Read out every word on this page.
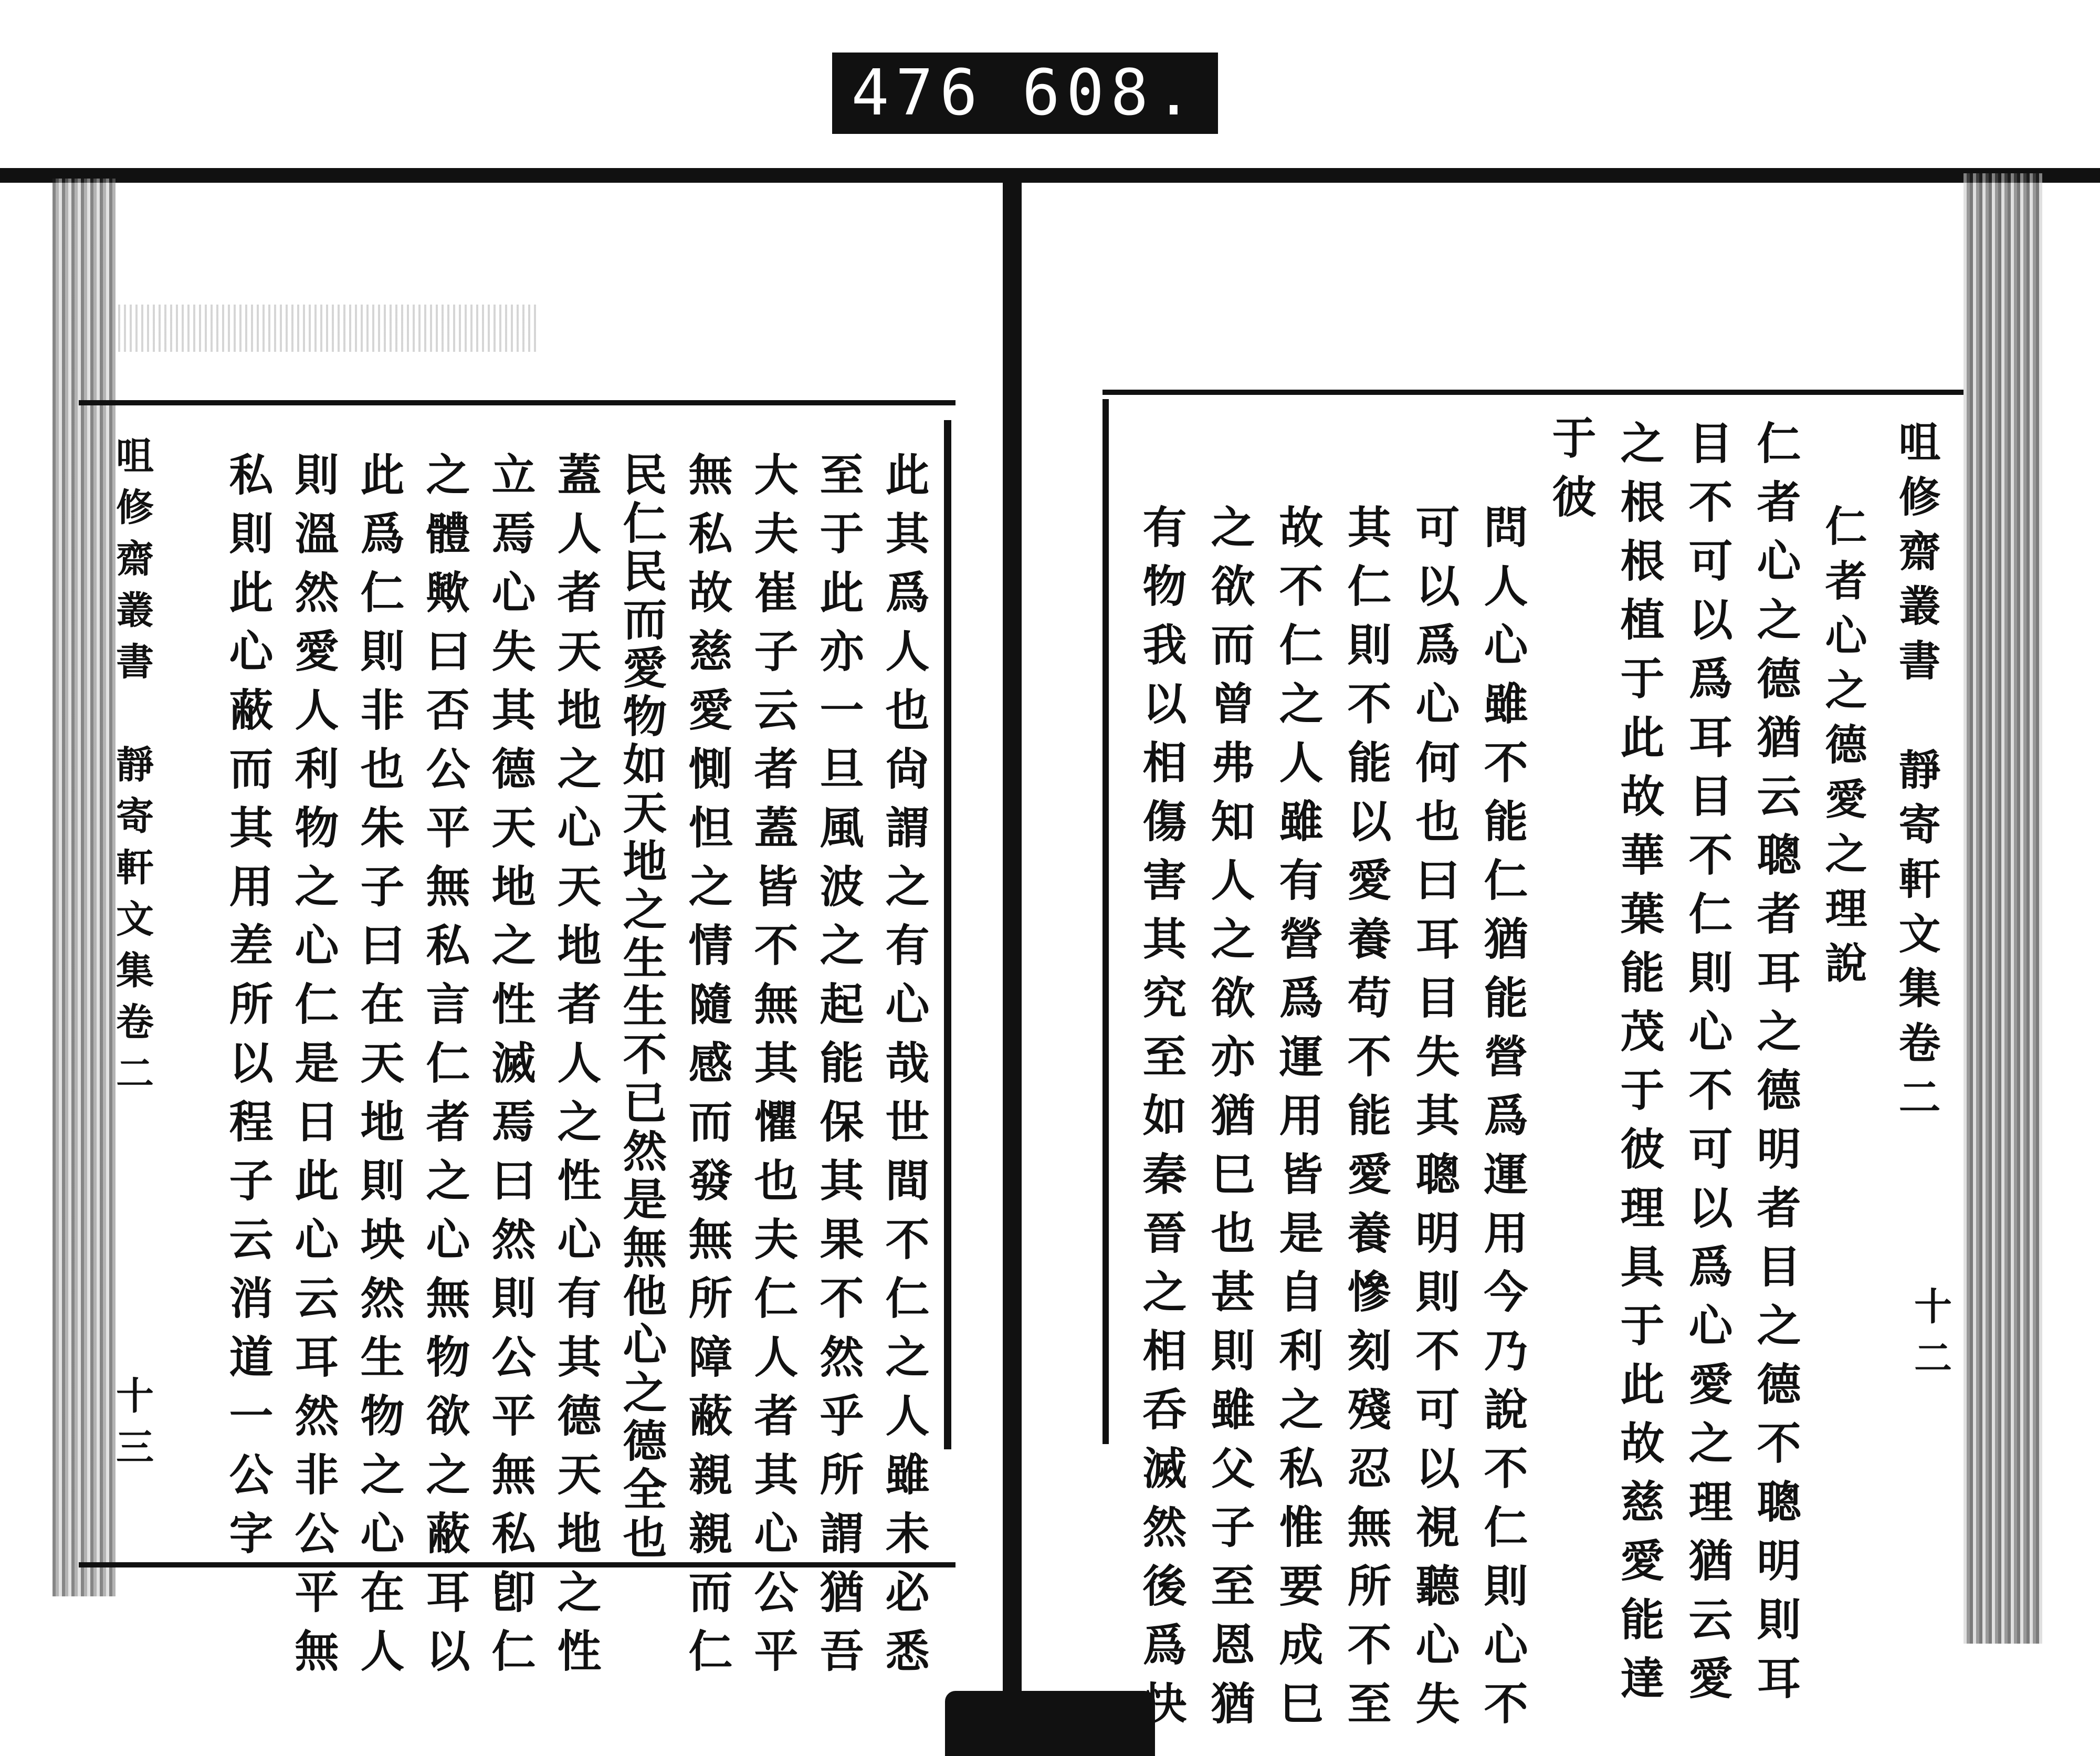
476 608.
此其爲人也尙謂之有心哉世間不仁之人雖未必悉
至于此亦一旦風波之起能保其果不然乎所謂猶吾
大夫崔子云者蓋皆不無其懼也夫仁人者其心公平
無私故慈愛惻怛之情隨感而發無所障蔽親親而仁
民仁民而愛物如天地之生生不已然是無他心之德全也
蓋人者天地之心天地者人之性心有其德天地之性
立焉心失其德天地之性滅焉曰然則公平無私卽仁
之體歟曰否公平無私言仁者之心無物欲之蔽耳以
此爲仁則非也朱子曰在天地則坱然生物之心在人
則溫然愛人利物之心仁是日此心云耳然非公平無
私則此心蔽而其用差所以程子云消道一公字
咀修齋叢書　靜寄軒文集卷二
十三
咀修齋叢書　靜寄軒文集卷二
仁者心之德愛之理說
仁者心之德猶云聰者耳之德明者目之德不聰明則耳
目不可以爲耳目不仁則心不可以爲心愛之理猶云愛
之根根植于此故華葉能茂于彼理具于此故慈愛能達
于彼
問人心雖不能仁猶能營爲運用今乃說不仁則心不
可以爲心何也曰耳目失其聰明則不可以視聽心失
其仁則不能以愛養苟不能愛養慘刻殘忍無所不至
故不仁之人雖有營爲運用皆是自利之私惟要成巳
之欲而曾弗知人之欲亦猶巳也甚則雖父子至恩猶
有物我以相傷害其究至如秦晉之相呑滅然後爲快	十二
